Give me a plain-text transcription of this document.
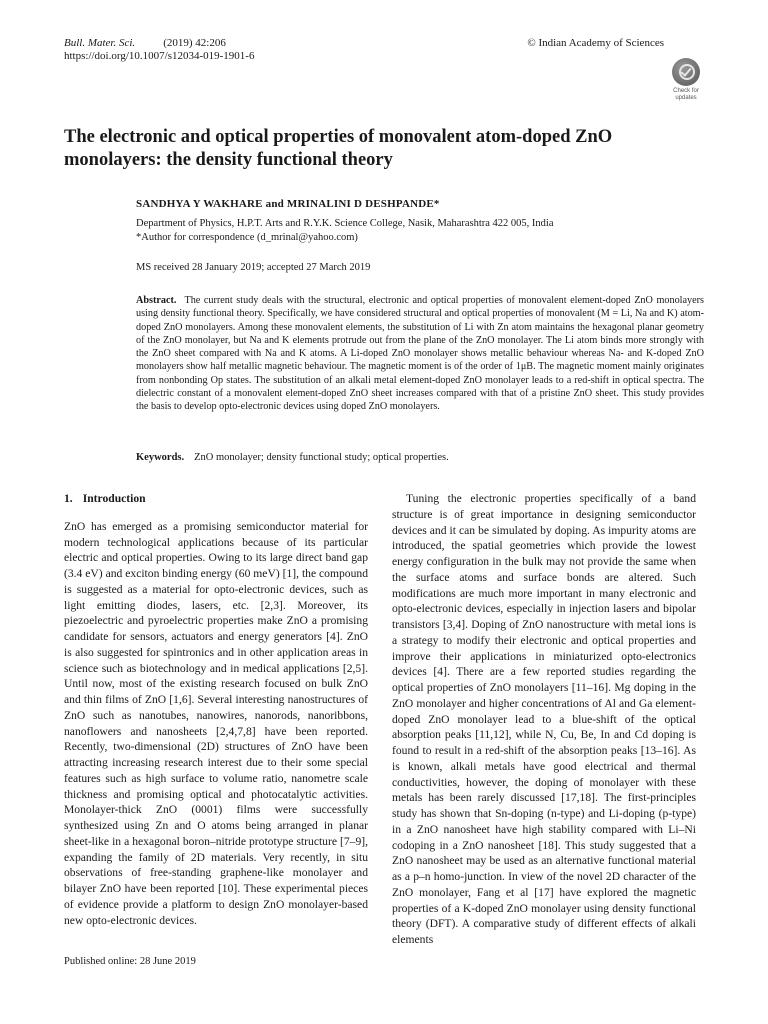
Bull. Mater. Sci.	(2019) 42:206
https://doi.org/10.1007/s12034-019-1901-6
© Indian Academy of Sciences
Check for
updates
The electronic and optical properties of monovalent atom-doped ZnO monolayers: the density functional theory
SANDHYA Y WAKHARE and MRINALINI D DESHPANDE*
Department of Physics, H.P.T. Arts and R.Y.K. Science College, Nasik, Maharashtra 422 005, India
*Author for correspondence (d_mrinal@yahoo.com)
MS received 28 January 2019; accepted 27 March 2019
Abstract. The current study deals with the structural, electronic and optical properties of monovalent element-doped ZnO monolayers using density functional theory. Specifically, we have considered structural and optical properties of monovalent (M = Li, Na and K) atom-doped ZnO monolayers. Among these monovalent elements, the substitution of Li with Zn atom maintains the hexagonal planar geometry of the ZnO monolayer, but Na and K elements protrude out from the plane of the ZnO monolayer. The Li atom binds more strongly with the ZnO sheet compared with Na and K atoms. A Li-doped ZnO monolayer shows metallic behaviour whereas Na- and K-doped ZnO monolayers show half metallic magnetic behaviour. The magnetic moment is of the order of 1μB. The magnetic moment mainly originates from nonbonding Op states. The substitution of an alkali metal element-doped ZnO monolayer leads to a red-shift in optical spectra. The dielectric constant of a monovalent element-doped ZnO sheet increases compared with that of a pristine ZnO sheet. This study provides the basis to develop opto-electronic devices using doped ZnO monolayers.
Keywords. ZnO monolayer; density functional study; optical properties.
1. Introduction

ZnO has emerged as a promising semiconductor material for modern technological applications because of its particular electric and optical properties. Owing to its large direct band gap (3.4 eV) and exciton binding energy (60 meV) [1], the compound is suggested as a material for opto-electronic devices, such as light emitting diodes, lasers, etc. [2,3]. Moreover, its piezoelectric and pyroelectric properties make ZnO a promising candidate for sensors, actuators and energy generators [4]. ZnO is also suggested for spintronics and in other application areas in science such as biotechnology and in medical applications [2,5]. Until now, most of the existing research focused on bulk ZnO and thin films of ZnO [1,6]. Several interesting nanostructures of ZnO such as nanotubes, nanowires, nanorods, nanoribbons, nanoflowers and nanosheets [2,4,7,8] have been reported. Recently, two-dimensional (2D) structures of ZnO have been attracting increasing research interest due to their some special features such as high surface to volume ratio, nanometre scale thickness and promising optical and photocatalytic activities. Monolayer-thick ZnO (0001) films were successfully synthesized using Zn and O atoms being arranged in planar sheet-like in a hexagonal boron–nitride prototype structure [7–9], expanding the family of 2D materials. Very recently, in situ observations of free-standing graphene-like monolayer and bilayer ZnO have been reported [10]. These experimental pieces of evidence provide a platform to design ZnO monolayer-based new opto-electronic devices.

Tuning the electronic properties specifically of a band structure is of great importance in designing semiconductor devices and it can be simulated by doping. As impurity atoms are introduced, the spatial geometries which provide the lowest energy configuration in the bulk may not provide the same when the surface atoms and surface bonds are altered. Such modifications are much more important in many electronic and opto-electronic devices, especially in injection lasers and bipolar transistors [3,4]. Doping of ZnO nanostructure with metal ions is a strategy to modify their electronic and optical properties and improve their applications in miniaturized opto-electronics devices [4]. There are a few reported studies regarding the optical properties of ZnO monolayers [11–16]. Mg doping in the ZnO monolayer and higher concentrations of Al and Ga element-doped ZnO monolayer lead to a blue-shift of the optical absorption peaks [11,12], while N, Cu, Be, In and Cd doping is found to result in a red-shift of the absorption peaks [13–16]. As is known, alkali metals have good electrical and thermal conductivities, however, the doping of monolayer with these metals has been rarely discussed [17,18]. The first-principles study has shown that Sn-doping (n-type) and Li-doping (p-type) in a ZnO nanosheet have high stability compared with Li–Ni codoping in a ZnO nanosheet [18]. This study suggested that a ZnO nanosheet may be used as an alternative functional material as a p–n homo-junction. In view of the novel 2D character of the ZnO monolayer, Fang et al [17] have explored the magnetic properties of a K-doped ZnO monolayer using density functional theory (DFT). A comparative study of different effects of alkali elements

Published online: 28 June 2019
